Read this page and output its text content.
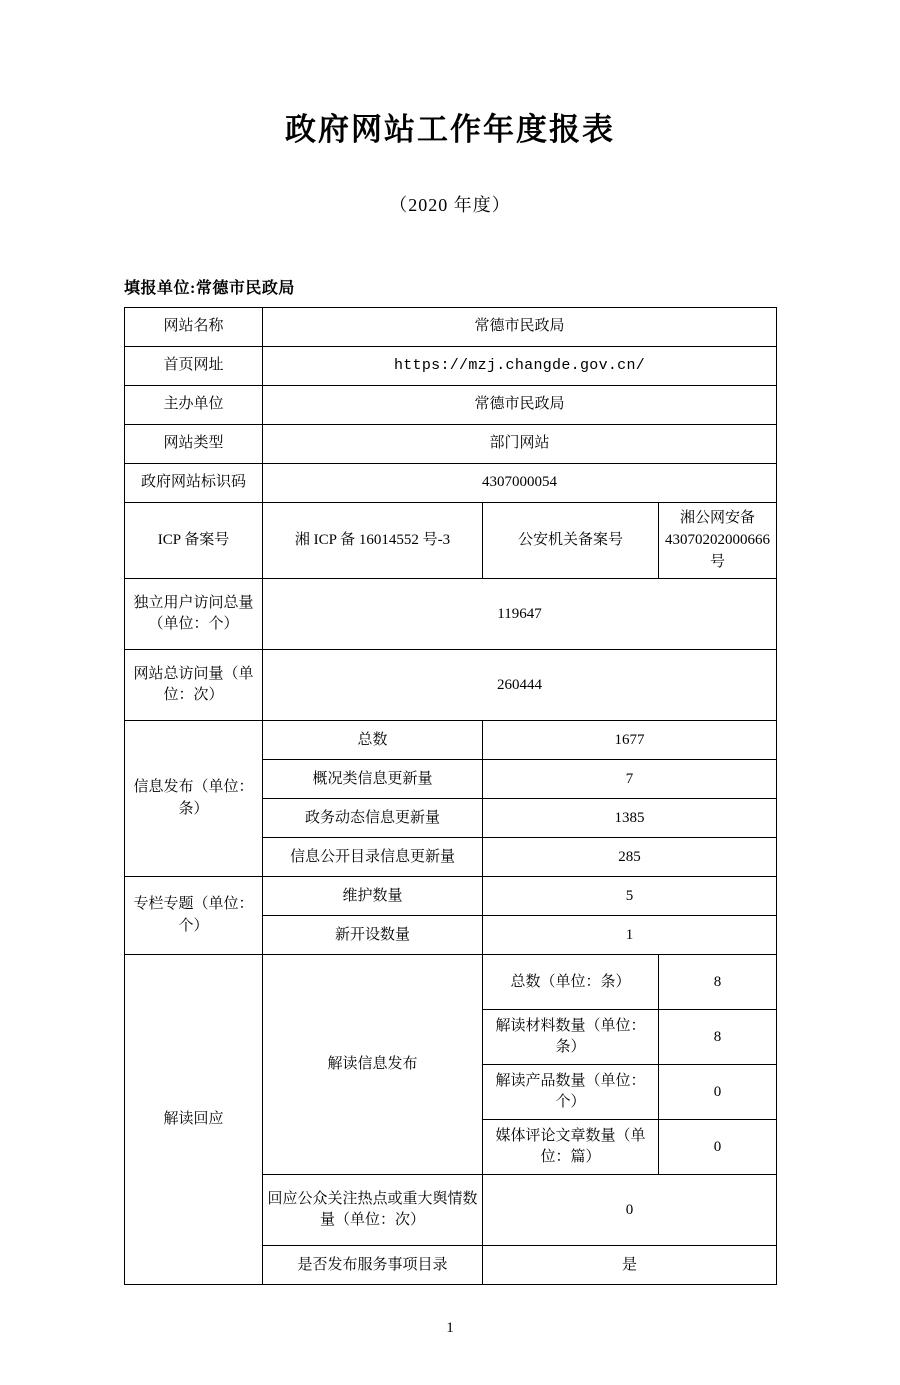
政府网站工作年度报表
（2020 年度）
填报单位:常德市民政局
网站名称	常德市民政局		
首页网址	https://mzj.changde.gov.cn/		
主办单位	常德市民政局		
网站类型	部门网站		
政府网站标识码	4307000054		
ICP 备案号	湘 ICP 备 16014552 号-3	公安机关备案号	湘公网安备 43070202000666 号
独立用户访问总量（单位：个）	119647		
网站总访问量（单位：次）	260444		
信息发布（单位：条）	总数	1677	
	概况类信息更新量	7	
	政务动态信息更新量	1385	
	信息公开目录信息更新量	285	
专栏专题（单位：个）	维护数量	5	
	新开设数量	1	
解读回应	解读信息发布	总数（单位：条）	8
		解读材料数量（单位：条）	8
		解读产品数量（单位：个）	0
		媒体评论文章数量（单位：篇）	0
	回应公众关注热点或重大舆情数量（单位：次）	0	
	是否发布服务事项目录	是	
1
